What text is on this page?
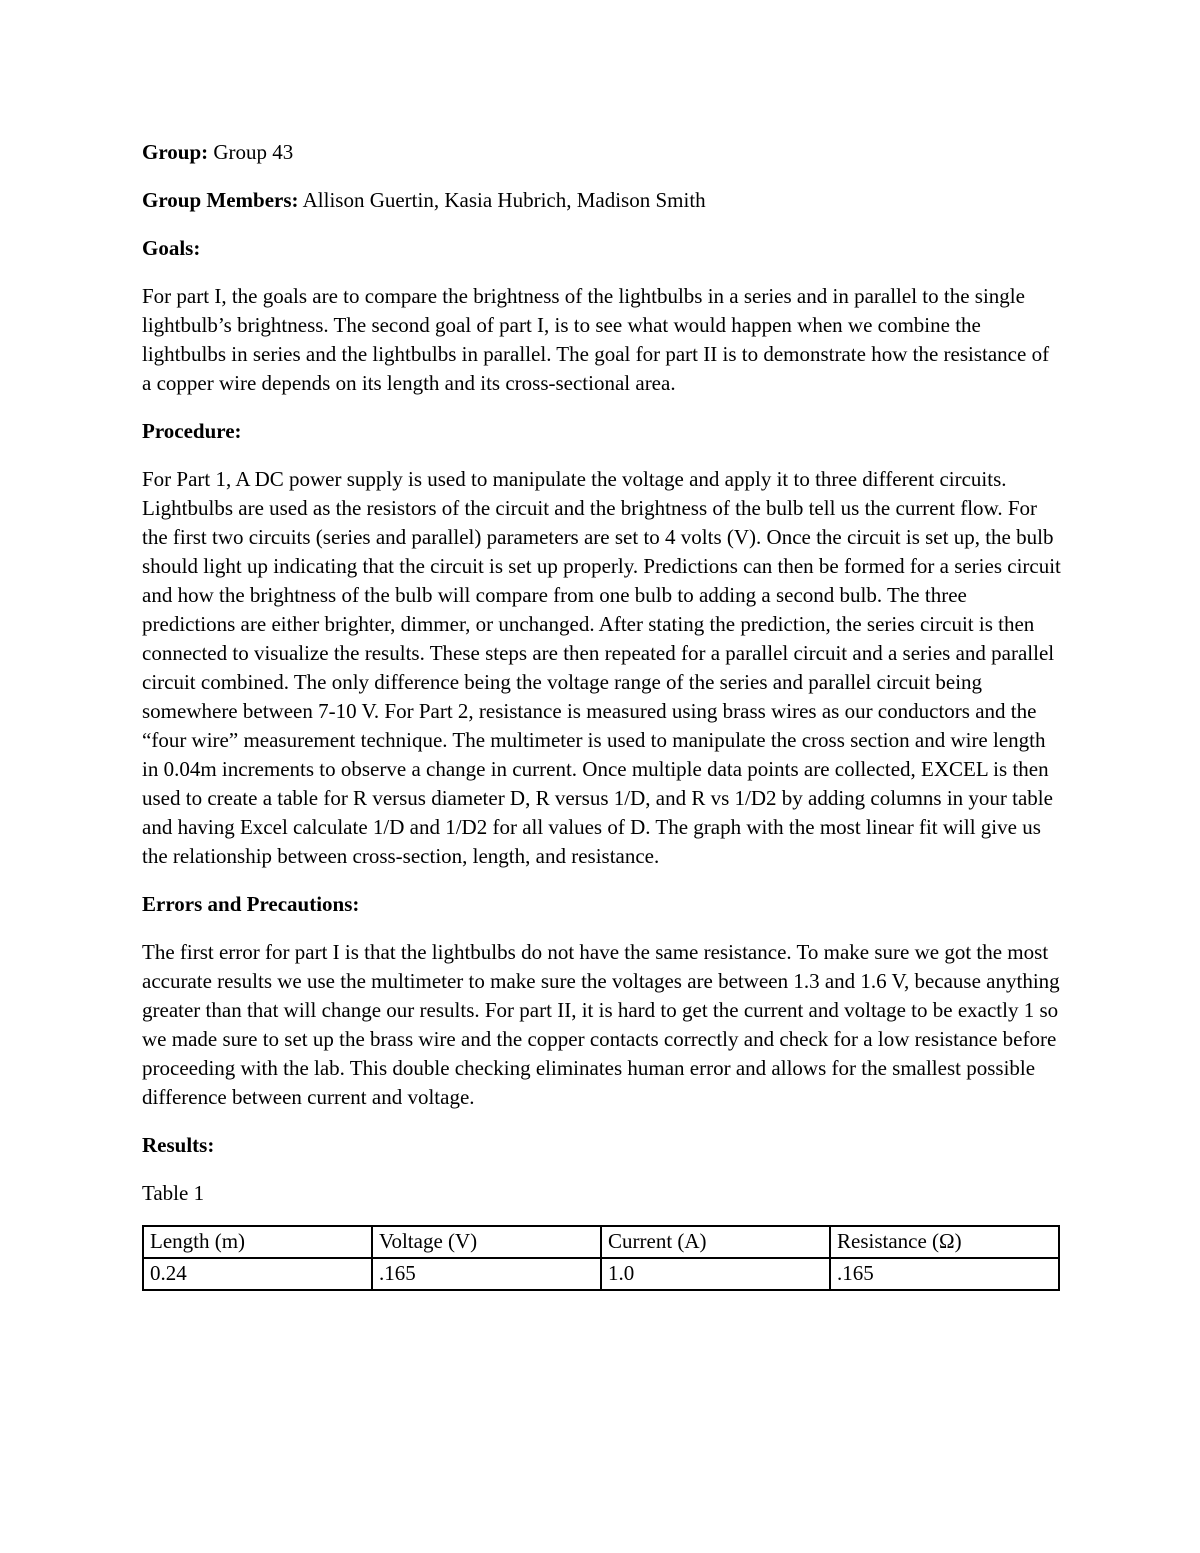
Group: Group 43

Group Members: Allison Guertin, Kasia Hubrich, Madison Smith

Goals:

For part I, the goals are to compare the brightness of the lightbulbs in a series and in parallel to the single lightbulb’s brightness. The second goal of part I, is to see what would happen when we combine the lightbulbs in series and the lightbulbs in parallel. The goal for part II is to demonstrate how the resistance of a copper wire depends on its length and its cross-sectional area.

Procedure:

For Part 1, A DC power supply is used to manipulate the voltage and apply it to three different circuits. Lightbulbs are used as the resistors of the circuit and the brightness of the bulb tell us the current flow. For the first two circuits (series and parallel) parameters are set to 4 volts (V). Once the circuit is set up, the bulb should light up indicating that the circuit is set up properly. Predictions can then be formed for a series circuit and how the brightness of the bulb will compare from one bulb to adding a second bulb. The three predictions are either brighter, dimmer, or unchanged. After stating the prediction, the series circuit is then connected to visualize the results. These steps are then repeated for a parallel circuit and a series and parallel circuit combined. The only difference being the voltage range of the series and parallel circuit being somewhere between 7-10 V. For Part 2, resistance is measured using brass wires as our conductors and the “four wire” measurement technique. The multimeter is used to manipulate the cross section and wire length in 0.04m increments to observe a change in current. Once multiple data points are collected, EXCEL is then used to create a table for R versus diameter D, R versus 1/D, and R vs 1/D2 by adding columns in your table and having Excel calculate 1/D and 1/D2 for all values of D. The graph with the most linear fit will give us the relationship between cross-section, length, and resistance.

Errors and Precautions:

The first error for part I is that the lightbulbs do not have the same resistance. To make sure we got the most accurate results we use the multimeter to make sure the voltages are between 1.3 and 1.6 V, because anything greater than that will change our results. For part II, it is hard to get the current and voltage to be exactly 1 so we made sure to set up the brass wire and the copper contacts correctly and check for a low resistance before proceeding with the lab. This double checking eliminates human error and allows for the smallest possible difference between current and voltage.

Results:

Table 1

Length (m)	Voltage (V)	Current (A)	Resistance (Ω)
0.24	.165	1.0	.165
